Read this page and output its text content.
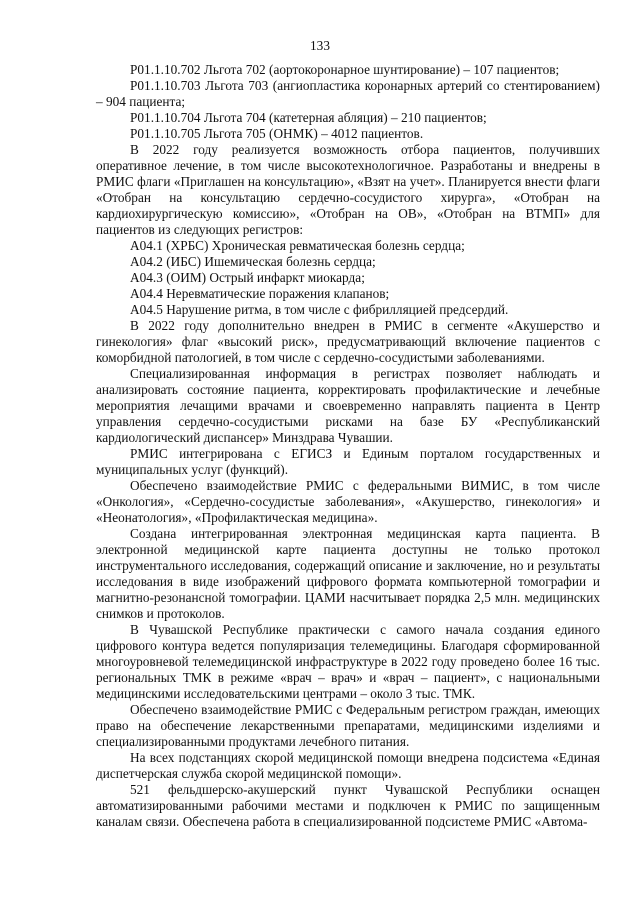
133

Р01.1.10.702 Льгота 702 (аортокоронарное шунтирование) – 107 пациентов;

Р01.1.10.703 Льгота 703 (ангиопластика коронарных артерий со стентированием) – 904 пациента;

Р01.1.10.704 Льгота 704 (катетерная абляция) – 210 пациентов;

Р01.1.10.705 Льгота 705 (ОНМК) – 4012 пациентов.

В 2022 году реализуется возможность отбора пациентов, получивших оперативное лечение, в том числе высокотехнологичное. Разработаны и внедрены в РМИС флаги «Приглашен на консультацию», «Взят на учет». Планируется внести флаги «Отобран на консультацию сердечно-сосудистого хирурга», «Отобран на кардиохирургическую комиссию», «Отобран на ОВ», «Отобран на ВТМП» для пациентов из следующих регистров:

А04.1 (ХРБС) Хроническая ревматическая болезнь сердца;

А04.2 (ИБС) Ишемическая болезнь сердца;

А04.3 (ОИМ) Острый инфаркт миокарда;

А04.4 Неревматические поражения клапанов;

А04.5 Нарушение ритма, в том числе с фибрилляцией предсердий.

В 2022 году дополнительно внедрен в РМИС в сегменте «Акушерство и гинекология» флаг «высокий риск», предусматривающий включение пациентов с коморбидной патологией, в том числе с сердечно-сосудистыми заболеваниями.

Специализированная информация в регистрах позволяет наблюдать и анализировать состояние пациента, корректировать профилактические и лечебные мероприятия лечащими врачами и своевременно направлять пациента в Центр управления сердечно-сосудистыми рисками на базе БУ «Республиканский кардиологический диспансер» Минздрава Чувашии.

РМИС интегрирована с ЕГИСЗ и Единым порталом государственных и муниципальных услуг (функций).

Обеспечено взаимодействие РМИС с федеральными ВИМИС, в том числе «Онкология», «Сердечно-сосудистые заболевания», «Акушерство, гинекология» и «Неонатология», «Профилактическая медицина».

Создана интегрированная электронная медицинская карта пациента. В электронной медицинской карте пациента доступны не только протокол инструментального исследования, содержащий описание и заключение, но и результаты исследования в виде изображений цифрового формата компьютерной томографии и магнитно-резонансной томографии. ЦАМИ насчитывает порядка 2,5 млн. медицинских снимков и протоколов.

В Чувашской Республике практически с самого начала создания единого цифрового контура ведется популяризация телемедицины. Благодаря сформированной многоуровневой телемедицинской инфраструктуре в 2022 году проведено более 16 тыс. региональных ТМК в режиме «врач – врач» и «врач – пациент», с национальными медицинскими исследовательскими центрами – около 3 тыс. ТМК.

Обеспечено взаимодействие РМИС с Федеральным регистром граждан, имеющих право на обеспечение лекарственными препаратами, медицинскими изделиями и специализированными продуктами лечебного питания.

На всех подстанциях скорой медицинской помощи внедрена подсистема «Единая диспетчерская служба скорой медицинской помощи».

521 фельдшерско-акушерский пункт Чувашской Республики оснащен автоматизированными рабочими местами и подключен к РМИС по защищенным каналам связи. Обеспечена работа в специализированной подсистеме РМИС «Автома-
